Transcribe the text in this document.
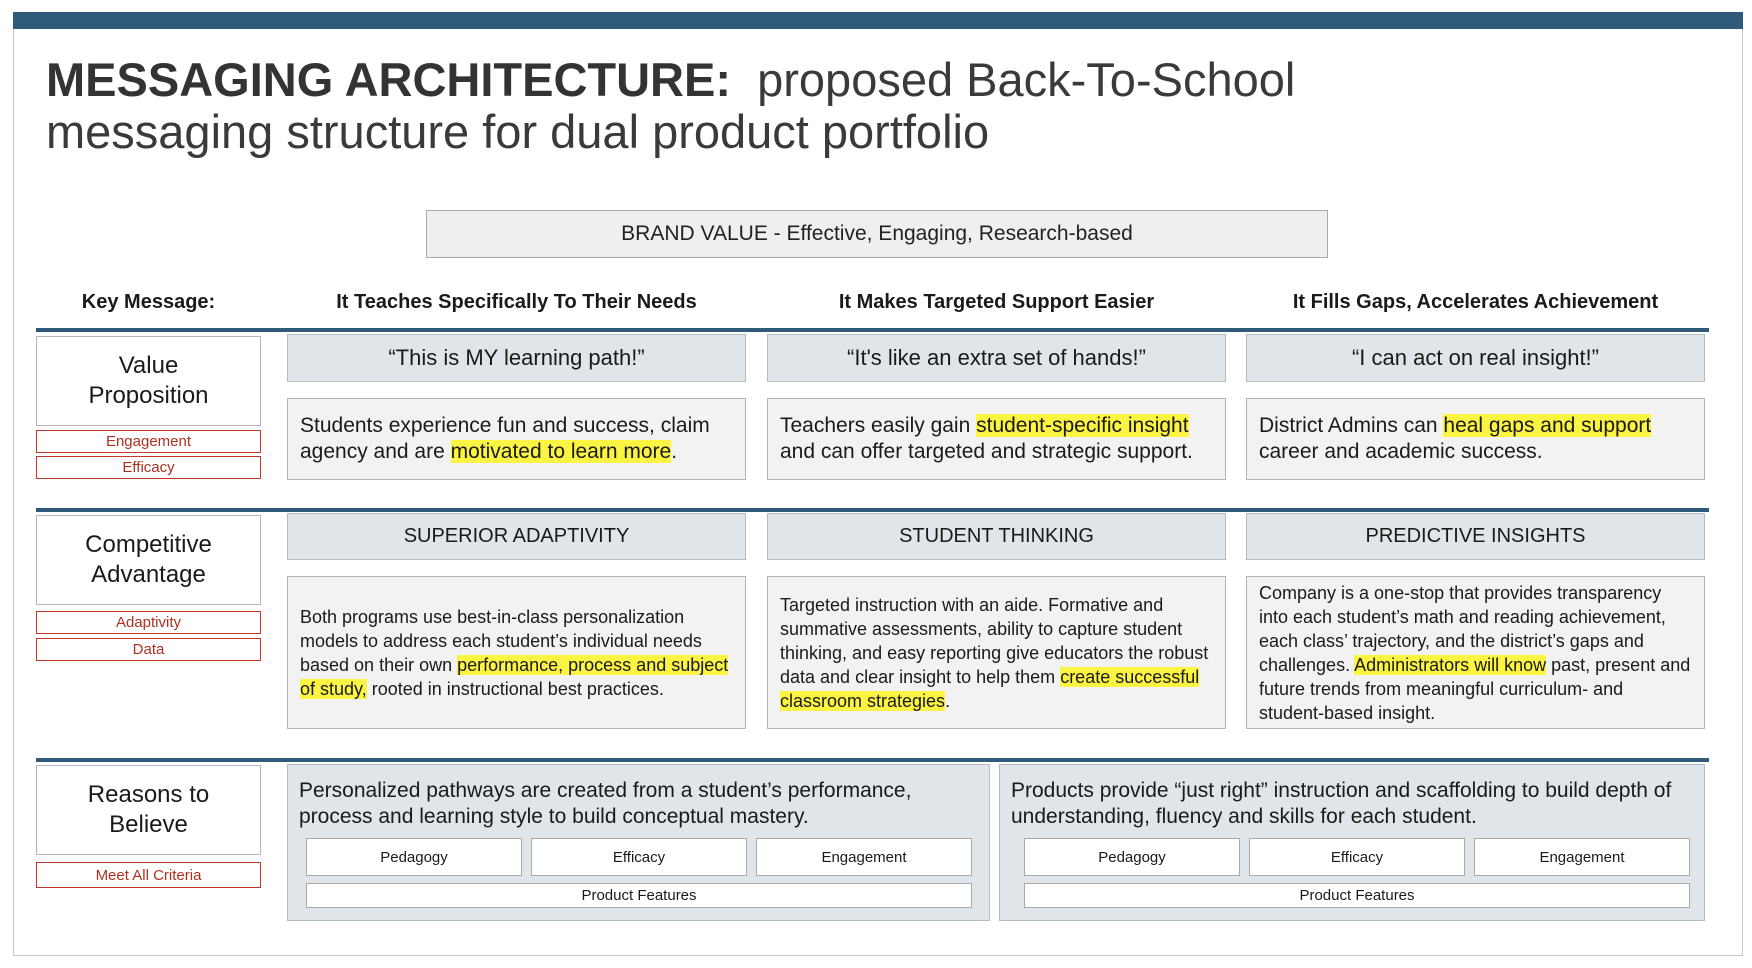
MESSAGING ARCHITECTURE: proposed Back-To-School
messaging structure for dual product portfolio
BRAND VALUE - Effective, Engaging, Research-based
Key Message:	It Teaches Specifically To Their Needs	It Makes Targeted Support Easier	It Fills Gaps, Accelerates Achievement
Value
Proposition
Engagement
Efficacy
“This is MY learning path!”	“It's like an extra set of hands!”	“I can act on real insight!”
Students experience fun and success, claim agency and are motivated to learn more.
Teachers easily gain student-specific insight and can offer targeted and strategic support.
District Admins can heal gaps and support career and academic success.
Competitive
Advantage
Adaptivity
Data
SUPERIOR ADAPTIVITY	STUDENT THINKING	PREDICTIVE INSIGHTS
Both programs use best-in-class personalization models to address each student’s individual needs based on their own performance, process and subject of study, rooted in instructional best practices.
Targeted instruction with an aide. Formative and summative assessments, ability to capture student thinking, and easy reporting give educators the robust data and clear insight to help them create successful classroom strategies.
Company is a one-stop that provides transparency into each student’s math and reading achievement, each class’ trajectory, and the district’s gaps and challenges. Administrators will know past, present and future trends from meaningful curriculum- and student-based insight.
Reasons to
Believe
Meet All Criteria
Personalized pathways are created from a student’s performance, process and learning style to build conceptual mastery.
Pedagogy	Efficacy	Engagement
Product Features
Products provide “just right” instruction and scaffolding to build depth of understanding, fluency and skills for each student.
Pedagogy	Efficacy	Engagement
Product Features
